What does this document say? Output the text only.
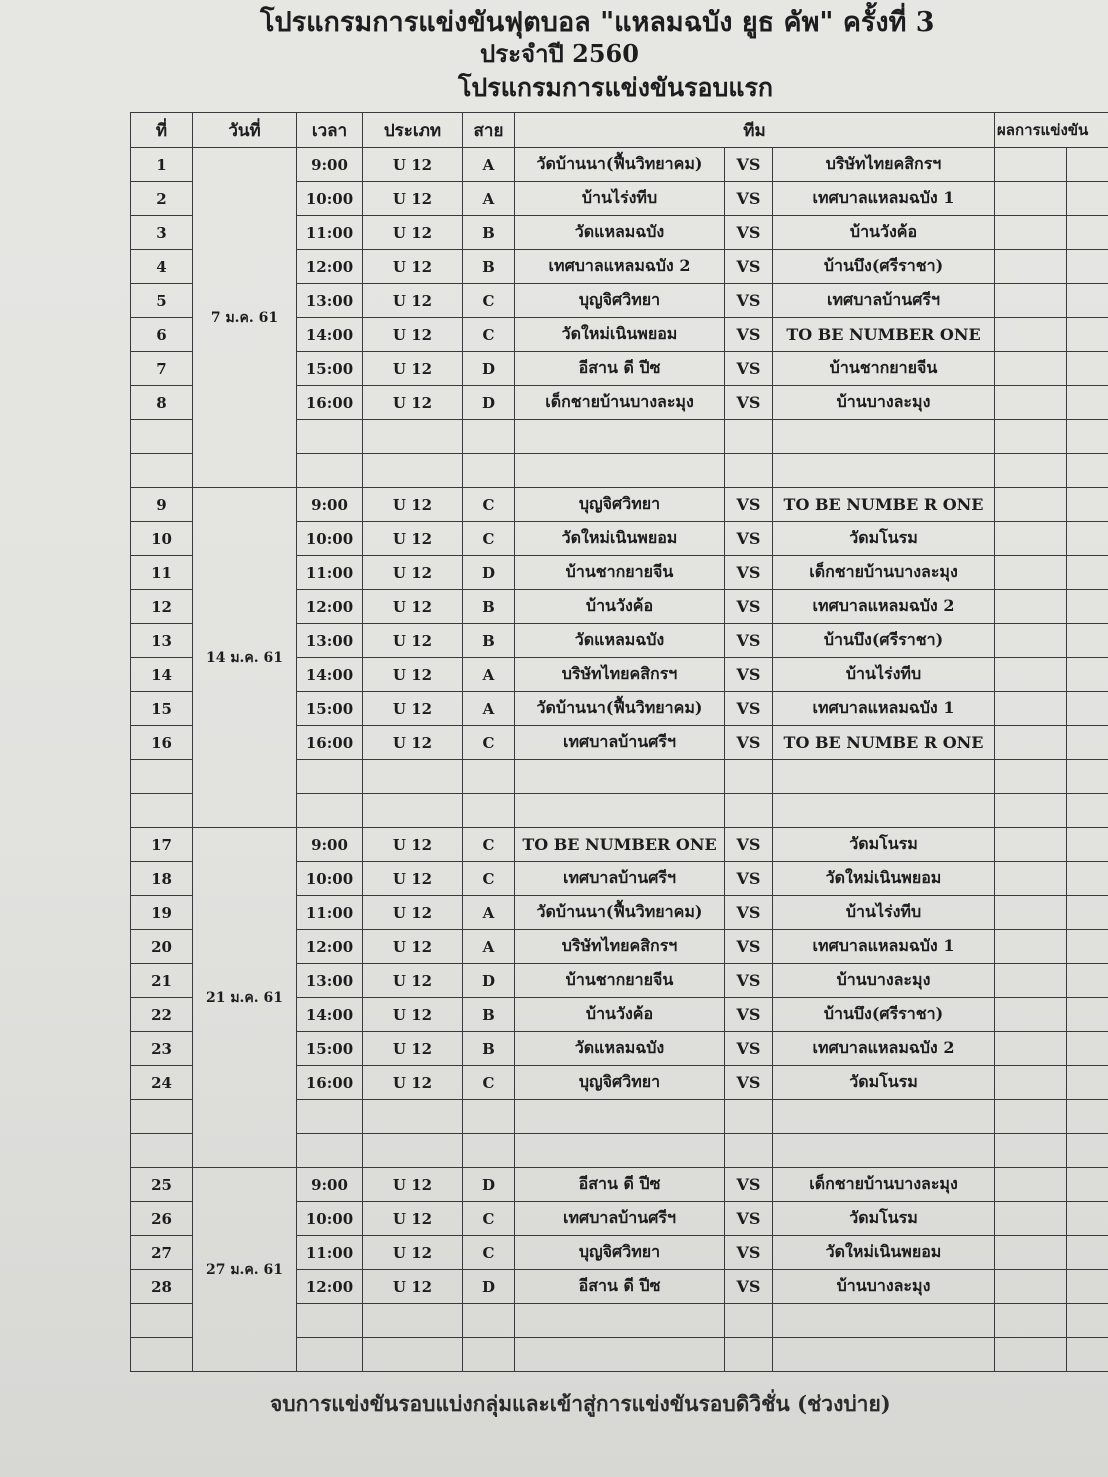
โปรแกรมการแข่งขันฟุตบอล "แหลมฉบัง ยูธ คัพ" ครั้งที่ 3
ประจำปี 2560
โปรแกรมการแข่งขันรอบแรก
ที่	วันที่	เวลา	ประเภท	สาย	ทีม			ผลการแข่งขัน	
1	7 ม.ค. 61	9:00	U 12	A	วัดบ้านนา(ฟื้นวิทยาคม)	VS	บริษัทไทยคสิกรฯ		
2		10:00	U 12	A	บ้านไร่งทีบ	VS	เทศบาลแหลมฉบัง 1		
3		11:00	U 12	B	วัดแหลมฉบัง	VS	บ้านวังค้อ		
4		12:00	U 12	B	เทศบาลแหลมฉบัง 2	VS	บ้านบึง(ศรีราชา)		
5		13:00	U 12	C	บุญจิศวิทยา	VS	เทศบาลบ้านศรีฯ		
6		14:00	U 12	C	วัดใหม่เนินพยอม	VS	TO BE NUMBER ONE		
7		15:00	U 12	D	อีสาน ดี ปีซ	VS	บ้านชากยายจีน		
8		16:00	U 12	D	เด็กชายบ้านบางละมุง	VS	บ้านบางละมุง		

9	14 ม.ค. 61	9:00	U 12	C	บุญจิศวิทยา	VS	TO BE NUMBE R ONE		
10		10:00	U 12	C	วัดใหม่เนินพยอม	VS	วัดมโนรม		
11		11:00	U 12	D	บ้านชากยายจีน	VS	เด็กชายบ้านบางละมุง		
12		12:00	U 12	B	บ้านวังค้อ	VS	เทศบาลแหลมฉบัง 2		
13		13:00	U 12	B	วัดแหลมฉบัง	VS	บ้านบึง(ศรีราชา)		
14		14:00	U 12	A	บริษัทไทยคสิกรฯ	VS	บ้านไร่งทีบ		
15		15:00	U 12	A	วัดบ้านนา(ฟื้นวิทยาคม)	VS	เทศบาลแหลมฉบัง 1		
16		16:00	U 12	C	เทศบาลบ้านศรีฯ	VS	TO BE NUMBE R ONE		

17	21 ม.ค. 61	9:00	U 12	C	TO BE NUMBER ONE	VS	วัดมโนรม		
18		10:00	U 12	C	เทศบาลบ้านศรีฯ	VS	วัดใหม่เนินพยอม		
19		11:00	U 12	A	วัดบ้านนา(ฟื้นวิทยาคม)	VS	บ้านไร่งทีบ		
20		12:00	U 12	A	บริษัทไทยคสิกรฯ	VS	เทศบาลแหลมฉบัง 1		
21		13:00	U 12	D	บ้านชากยายจีน	VS	บ้านบางละมุง		
22		14:00	U 12	B	บ้านวังค้อ	VS	บ้านบึง(ศรีราชา)		
23		15:00	U 12	B	วัดแหลมฉบัง	VS	เทศบาลแหลมฉบัง 2		
24		16:00	U 12	C	บุญจิศวิทยา	VS	วัดมโนรม		

25	27 ม.ค. 61	9:00	U 12	D	อีสาน ดี ปีซ	VS	เด็กชายบ้านบางละมุง		
26		10:00	U 12	C	เทศบาลบ้านศรีฯ	VS	วัดมโนรม		
27		11:00	U 12	C	บุญจิศวิทยา	VS	วัดใหม่เนินพยอม		
28		12:00	U 12	D	อีสาน ดี ปีซ	VS	บ้านบางละมุง		

จบการแข่งขันรอบแบ่งกลุ่มและเข้าสู่การแข่งขันรอบดิวิชั่น (ช่วงบ่าย)
